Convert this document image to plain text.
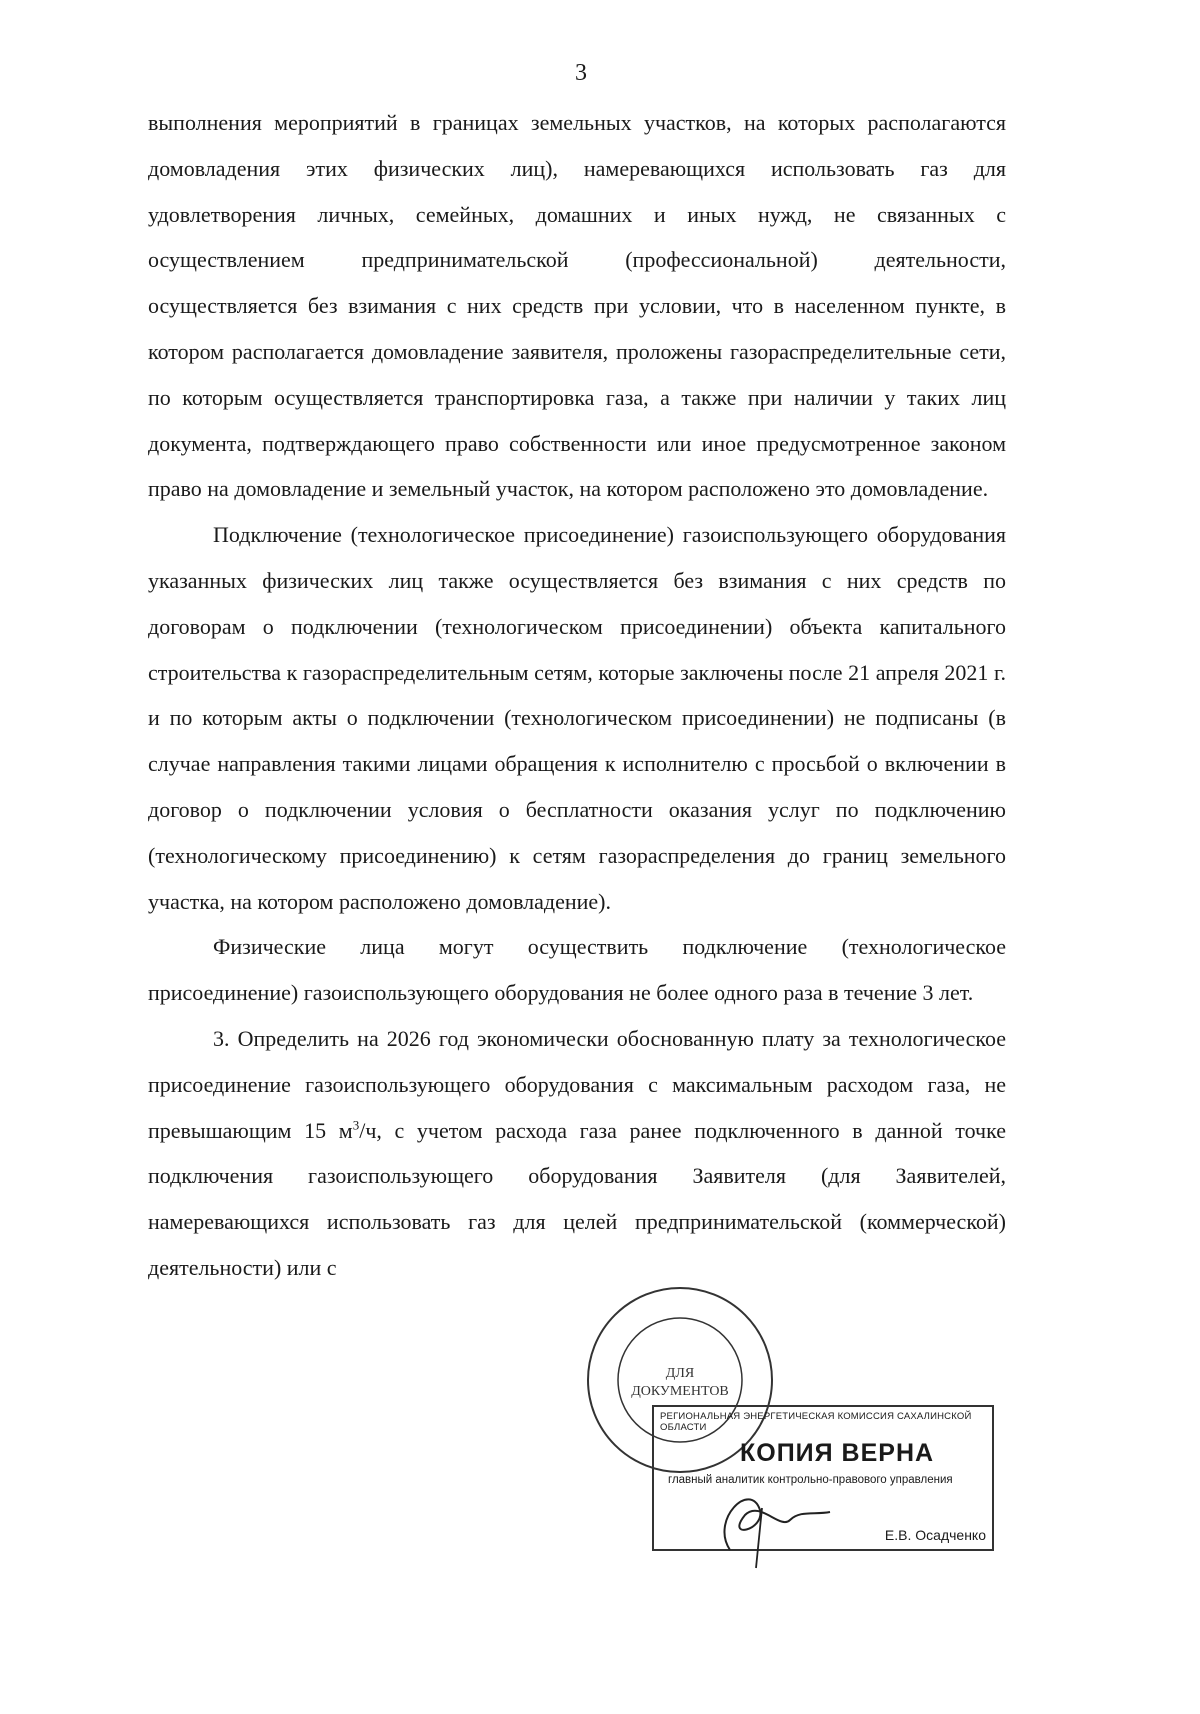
3

выполнения мероприятий в границах земельных участков, на которых располагаются домовладения этих физических лиц), намеревающихся использовать газ для удовлетворения личных, семейных, домашних и иных нужд, не связанных с осуществлением предпринимательской (профессиональной) деятельности, осуществляется без взимания с них средств при условии, что в населенном пункте, в котором располагается домовладение заявителя, проложены газораспределительные сети, по которым осуществляется транспортировка газа, а также при наличии у таких лиц документа, подтверждающего право собственности или иное предусмотренное законом право на домовладение и земельный участок, на котором расположено это домовладение.

Подключение (технологическое присоединение) газоиспользующего оборудования указанных физических лиц также осуществляется без взимания с них средств по договорам о подключении (технологическом присоединении) объекта капитального строительства к газораспределительным сетям, которые заключены после 21 апреля 2021 г. и по которым акты о подключении (технологическом присоединении) не подписаны (в случае направления такими лицами обращения к исполнителю с просьбой о включении в договор о подключении условия о бесплатности оказания услуг по подключению (технологическому присоединению) к сетям газораспределения до границ земельного участка, на котором расположено домовладение).

Физические лица могут осуществить подключение (технологическое присоединение) газоиспользующего оборудования не более одного раза в течение 3 лет.

3. Определить на 2026 год экономически обоснованную плату за технологическое присоединение газоиспользующего оборудования с максимальным расходом газа, не превышающим 15 $м^3/ч$, с учетом расхода газа ранее подключенного в данной точке подключения газоиспользующего оборудования Заявителя (для Заявителей, намеревающихся использовать газ для целей предпринимательской (коммерческой) деятельности) или с

ДЛЯ
ДОКУМЕНТОВ
РЕГИОНАЛЬНАЯ ЭНЕРГЕТИЧЕСКАЯ КОМИССИЯ САХАЛИНСКОЙ ОБЛАСТИ
КОПИЯ ВЕРНА
главный аналитик контрольно-правового управления
Е.В. Осадченко
